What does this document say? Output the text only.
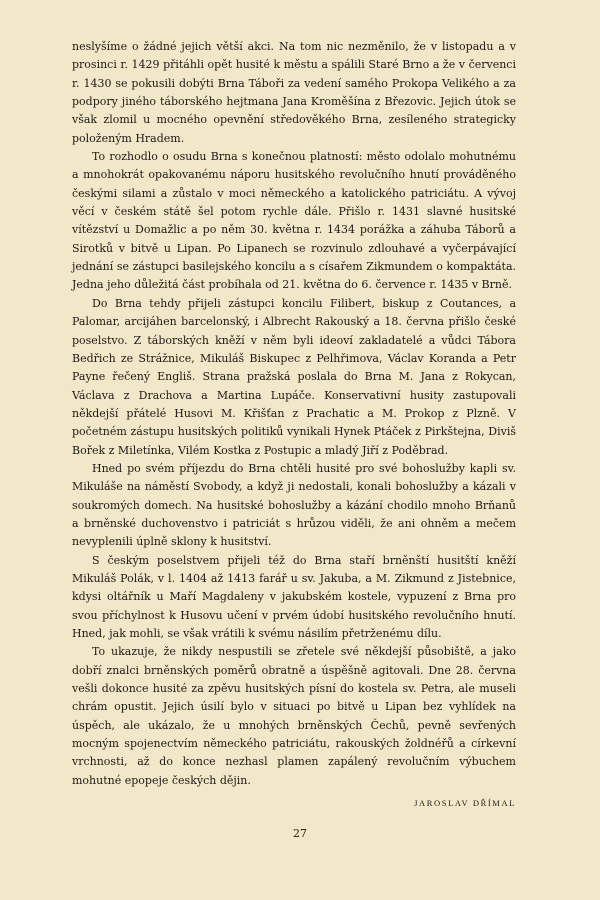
neslyšíme o žádné jejich větší akci. Na tom nic nezměnilo, že v listopadu a v prosinci r. 1429 přitáhli opět husité k městu a spálili Staré Brno a že v červenci r. 1430 se pokusili dobýti Brna Táboři za vedení samého Prokopa Velikého a za podpory jiného táborského hejtmana Jana Kroměšína z Březovic. Jejich útok se však zlomil u mocného opevnění středověkého Brna, zesíleného strategicky položeným Hradem.

To rozhodlo o osudu Brna s konečnou platností: město odolalo mohutnému a mnohokrát opakovanému náporu husitského revolučního hnutí prováděného českými silami a zůstalo v moci německého a katolického patriciátu. A vývoj věcí v českém státě šel potom rychle dále. Přišlo r. 1431 slavné husitské vítězství u Domažlic a po něm 30. května r. 1434 porážka a záhuba Táborů a Sirotků v bitvě u Lipan. Po Lipanech se rozvinulo zdlouhavé a vyčerpávající jednání se zástupci basilejského koncilu a s císařem Zikmundem o kompaktáta. Jedna jeho důležitá část probíhala od 21. května do 6. července r. 1435 v Brně.

Do Brna tehdy přijeli zástupci koncilu Filibert, biskup z Coutances, a Palomar, arcijáhen barcelonský, i Albrecht Rakouský a 18. června přišlo české poselstvo. Z táborských kněží v něm byli ideoví zakladatelé a vůdci Tábora Bedřich ze Strážnice, Mikuláš Biskupec z Pelhřimova, Václav Koranda a Petr Payne řečený Engliš. Strana pražská poslala do Brna M. Jana z Rokycan, Václava z Drachova a Martina Lupáče. Konservativní husity zastupovali někdejší přátelé Husovi M. Křišťan z Prachatic a M. Prokop z Plzně. V početném zástupu husitských politiků vynikali Hynek Ptáček z Pirkštejna, Diviš Bořek z Miletínka, Vilém Kostka z Postupic a mladý Jiří z Poděbrad.

Hned po svém příjezdu do Brna chtěli husité pro své bohoslužby kapli sv. Mikuláše na náměstí Svobody, a když ji nedostali, konali bohoslužby a kázali v soukromých domech. Na husitské bohoslužby a kázání chodilo mnoho Brňanů a brněnské duchovenstvo i patriciát s hrůzou viděli, že ani ohněm a mečem nevyplenili úplně sklony k husitství.

S českým poselstvem přijeli též do Brna staří brněnští husitští kněží Mikuláš Polák, v l. 1404 až 1413 farář u sv. Jakuba, a M. Zikmund z Jistebnice, kdysi oltářník u Maří Magdaleny v jakubském kostele, vypuzení z Brna pro svou příchylnost k Husovu učení v prvém údobí husitského revolučního hnutí. Hned, jak mohli, se však vrátili k svému násilím přetrženému dílu.

To ukazuje, že nikdy nespustili se zřetele své někdejší působiště, a jako dobří znalci brněnských poměrů obratně a úspěšně agitovali. Dne 28. června vešli dokonce husité za zpěvu husitských písní do kostela sv. Petra, ale museli chrám opustit. Jejich úsilí bylo v situaci po bitvě u Lipan bez vyhlídek na úspěch, ale ukázalo, že u mnohých brněnských Čechů, pevně sevřených mocným spojenectvím německého patriciátu, rakouských žoldnéřů a církevní vrchnosti, až do konce nezhasl plamen zapálený revolučním výbuchem mohutné epopeje českých dějin.

JAROSLAV DŘÍMAL

27
